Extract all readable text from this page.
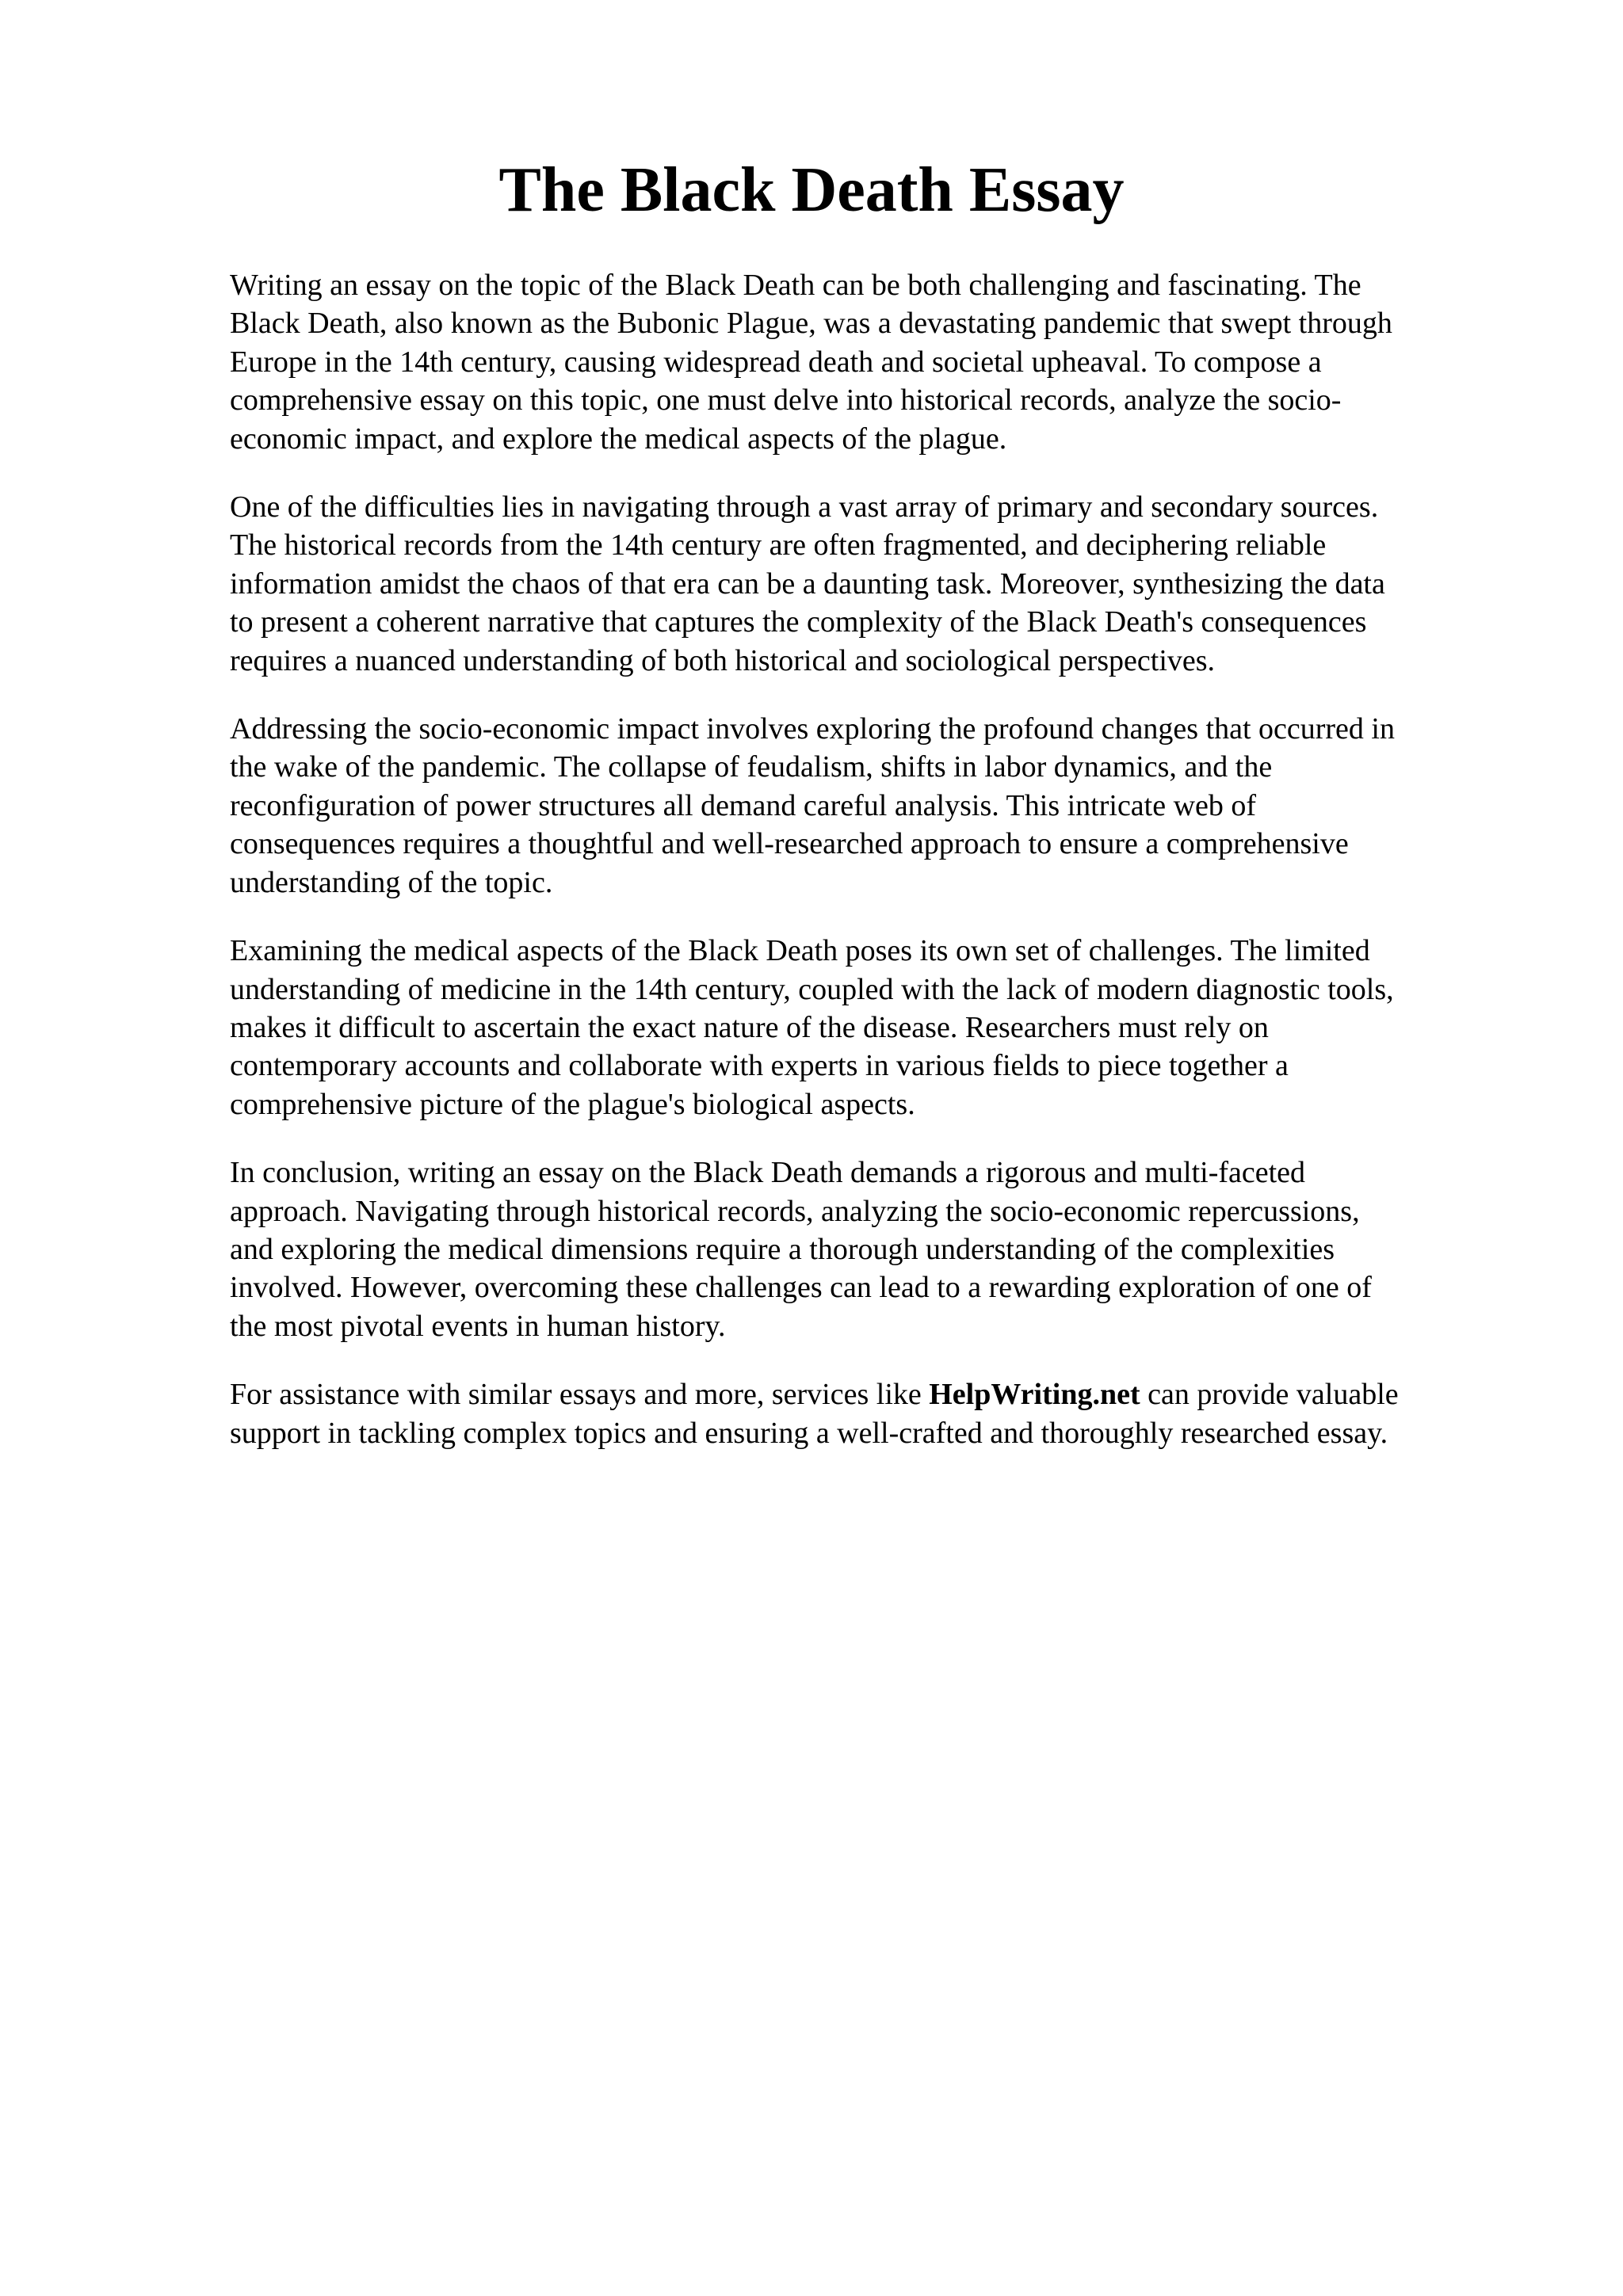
The Black Death Essay

Writing an essay on the topic of the Black Death can be both challenging and fascinating. The
Black Death, also known as the Bubonic Plague, was a devastating pandemic that swept through
Europe in the 14th century, causing widespread death and societal upheaval. To compose a
comprehensive essay on this topic, one must delve into historical records, analyze the socio-
economic impact, and explore the medical aspects of the plague.

One of the difficulties lies in navigating through a vast array of primary and secondary sources.
The historical records from the 14th century are often fragmented, and deciphering reliable
information amidst the chaos of that era can be a daunting task. Moreover, synthesizing the data
to present a coherent narrative that captures the complexity of the Black Death's consequences
requires a nuanced understanding of both historical and sociological perspectives.

Addressing the socio-economic impact involves exploring the profound changes that occurred in
the wake of the pandemic. The collapse of feudalism, shifts in labor dynamics, and the
reconfiguration of power structures all demand careful analysis. This intricate web of
consequences requires a thoughtful and well-researched approach to ensure a comprehensive
understanding of the topic.

Examining the medical aspects of the Black Death poses its own set of challenges. The limited
understanding of medicine in the 14th century, coupled with the lack of modern diagnostic tools,
makes it difficult to ascertain the exact nature of the disease. Researchers must rely on
contemporary accounts and collaborate with experts in various fields to piece together a
comprehensive picture of the plague's biological aspects.

In conclusion, writing an essay on the Black Death demands a rigorous and multi-faceted
approach. Navigating through historical records, analyzing the socio-economic repercussions,
and exploring the medical dimensions require a thorough understanding of the complexities
involved. However, overcoming these challenges can lead to a rewarding exploration of one of
the most pivotal events in human history.

For assistance with similar essays and more, services like HelpWriting.net can provide valuable
support in tackling complex topics and ensuring a well-crafted and thoroughly researched essay.
